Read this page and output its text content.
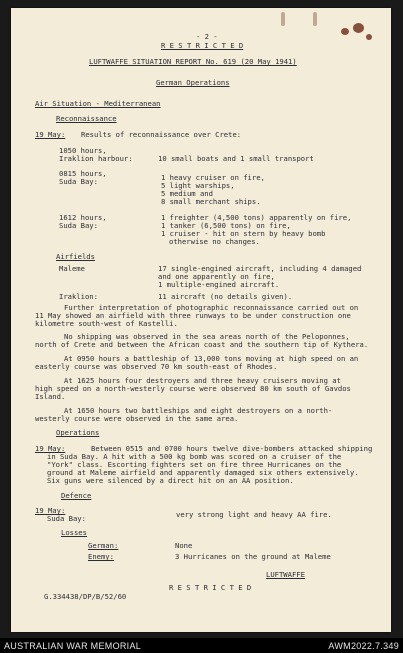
- 2 -
R E S T R I C T E D
LUFTWAFFE SITUATION REPORT No. 619 (20 May 1941)
German Operations
Air Situation - Mediterranean
Reconnaissance
19 May: Results of reconnaissance over Crete:
1050 hours,
Iraklion harbour:	10 small boats and 1 small transport
0815 hours,
Suda Bay:	1 heavy cruiser on fire,
5 light warships,
5 medium and
8 small merchant ships.
1612 hours,
Suda Bay:
1 freighter (4,500 tons) apparently on fire,
1 tanker (6,500 tons) on fire,
1 cruiser - hit on stern by heavy bomb
otherwise no changes.
Airfields
Maleme	17 single-engined aircraft, including 4 damaged
and one apparently on fire,
1 multiple-engined aircraft.
Iraklion:	11 aircraft (no details given).
Further interpretation of photographic reconnaissance carried out on
11 May showed an airfield with three runways to be under construction one
kilometre south-west of Kastelli.
No shipping was observed in the sea areas north of the Peloponnes,
north of Crete and between the African coast and the southern tip of Kythera.
At 0950 hours a battleship of 13,000 tons moving at high speed on an
easterly course was observed 70 km south-east of Rhodes.
At 1625 hours four destroyers and three heavy cruisers moving at
high speed on a north-westerly course were observed 80 km south of Gavdos
Island.
At 1650 hours two battleships and eight destroyers on a north-
westerly course were observed in the same area.
Operations
19 May:	Between 0515 and 0700 hours twelve dive-bombers attacked shipping
in Suda Bay. A hit with a 500 kg bomb was scored on a cruiser of the
"York" class. Escorting fighters set on fire three Hurricanes on the
ground at Maleme airfield and apparently damaged six others extensively.
Six guns were silenced by a direct hit on an AA position.
Defence
19 May:
Suda Bay:	very strong light and heavy AA fire.
Losses
German:	None
Enemy:	3 Hurricanes on the ground at Maleme
LUFTWAFFE
R E S T R I C T E D
G.334438/DP/B/52/60
AUSTRALIAN WAR MEMORIAL	AWM2022.7.349
